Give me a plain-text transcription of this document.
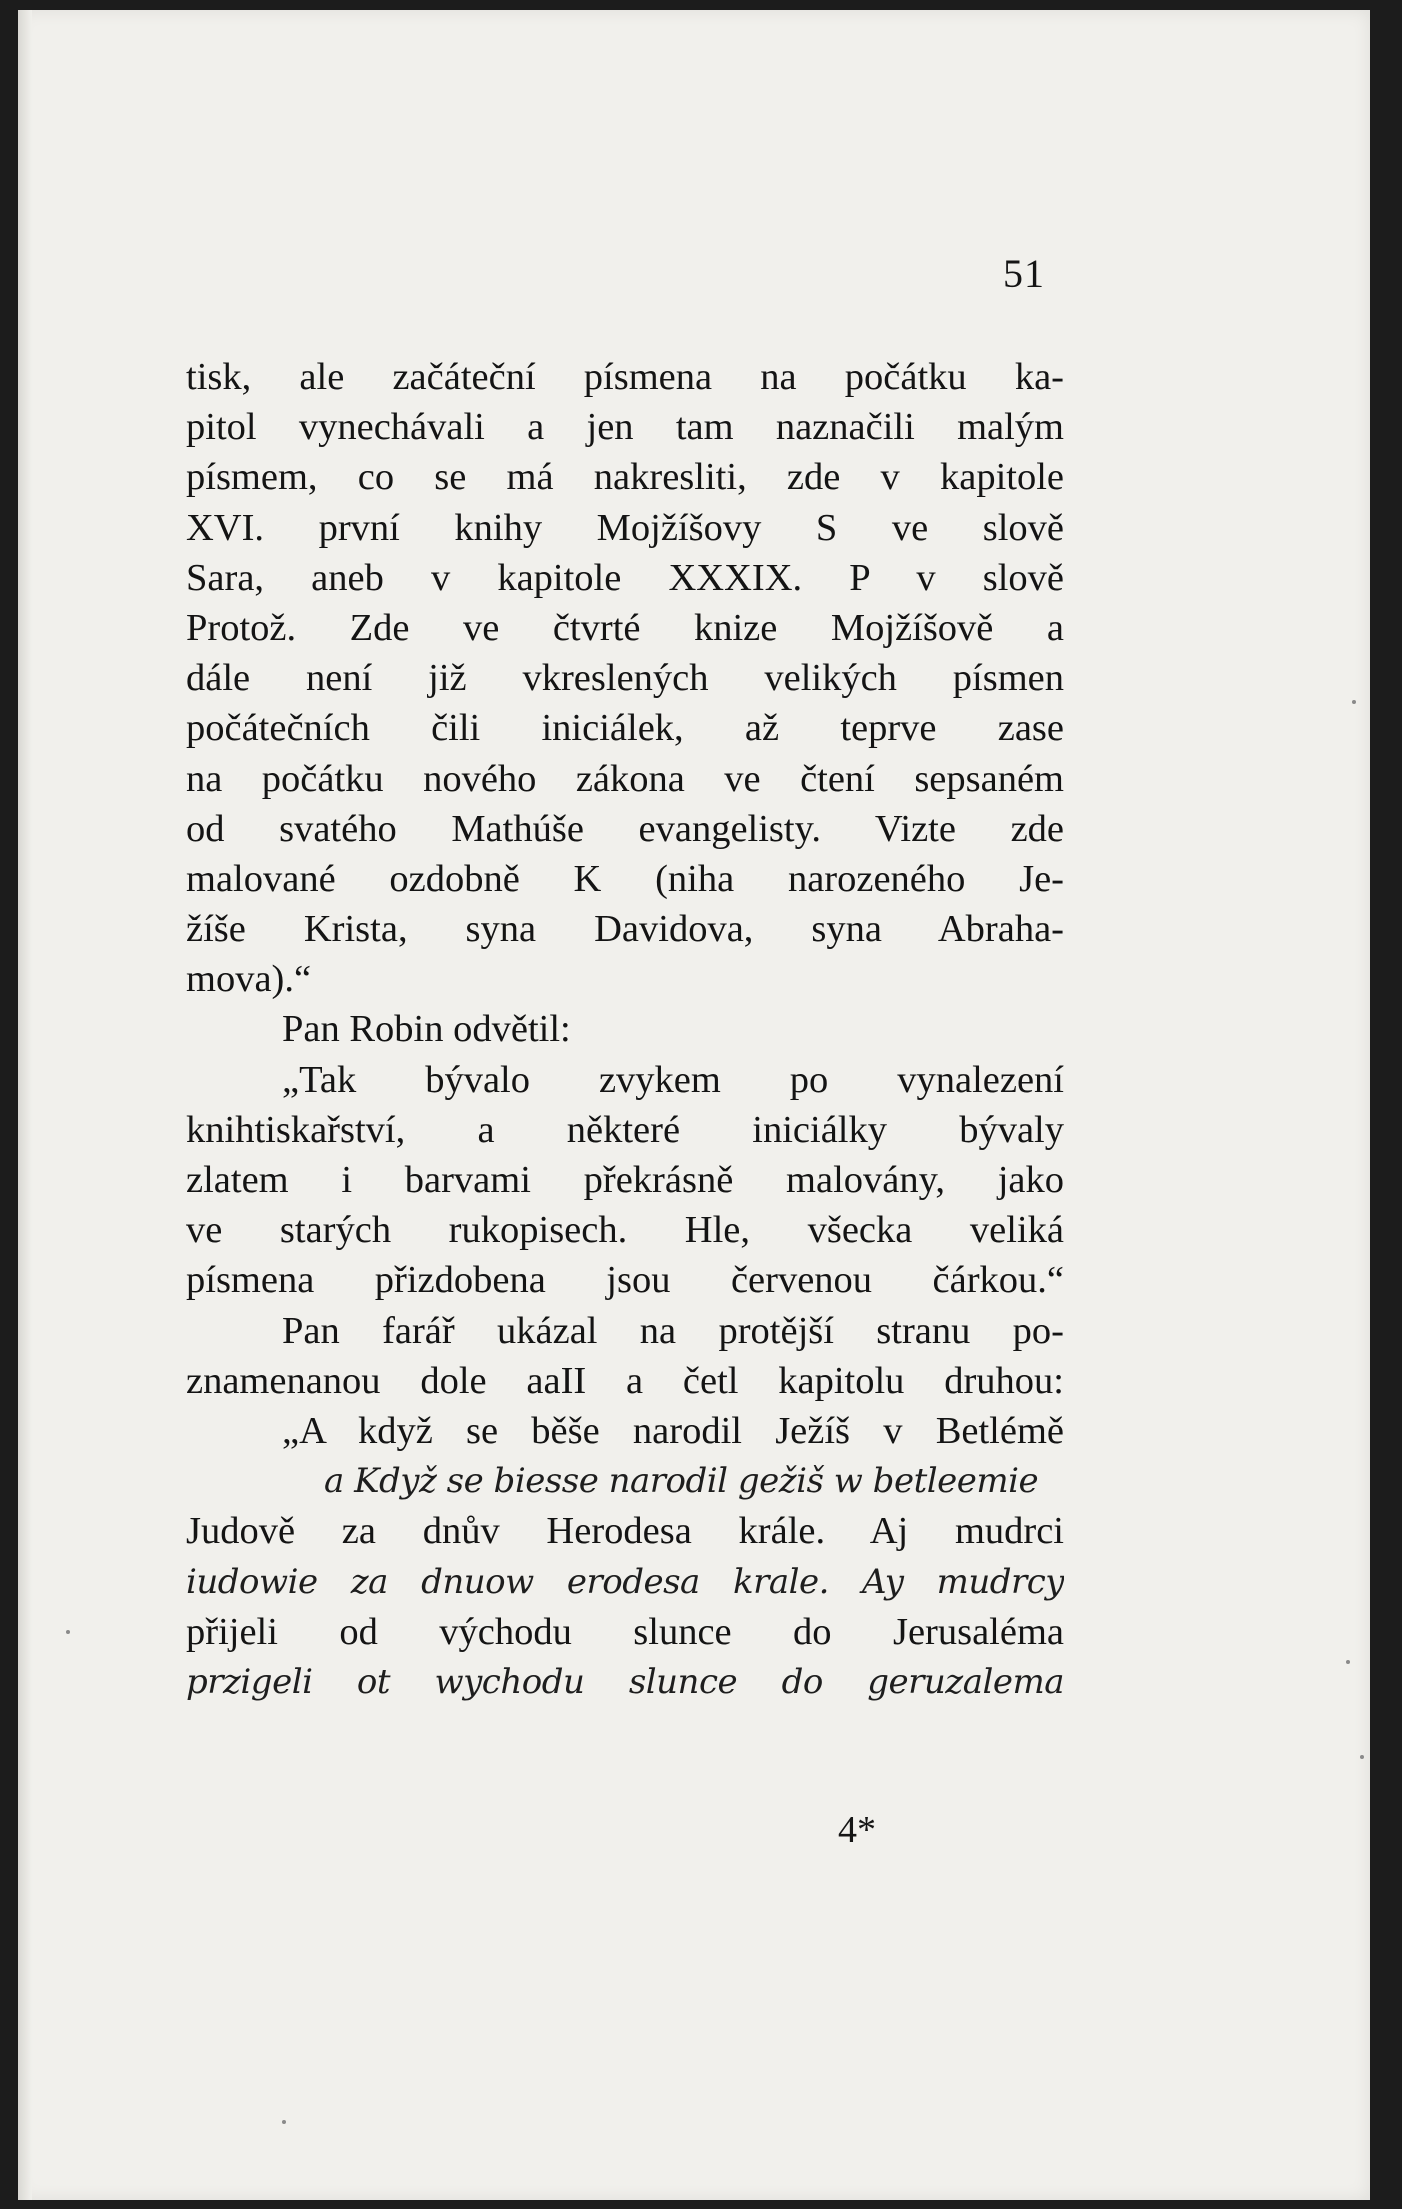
51
tisk, ale začáteční písmena na počátku ka-
pitol vynechávali a jen tam naznačili malým
písmem, co se má nakresliti, zde v kapitole
XVI. první knihy Mojžíšovy S ve slově
Sara, aneb v kapitole XXXIX. P v slově
Protož. Zde ve čtvrté knize Mojžíšově a
dále není již vkreslených velikých písmen
počátečních čili iniciálek, až teprve zase
na počátku nového zákona ve čtení sepsaném
od svatého Mathúše evangelisty. Vizte zde
malované ozdobně K (niha narozeného Je-
žíše Krista, syna Davidova, syna Abraha-
mova).“
Pan Robin odvětil:
„Tak bývalo zvykem po vynalezení
knihtiskařství, a některé iniciálky bývaly
zlatem i barvami překrásně malovány, jako
ve starých rukopisech. Hle, všecka veliká
písmena přizdobena jsou červenou čárkou.“
Pan farář ukázal na protější stranu po-
znamenanou dole aaII a četl kapitolu druhou:
„A když se běše narodil Ježíš v Betlémě
a Když se biesse narodil gežiš w betleemie
Judově za dnův Herodesa krále. Aj mudrci
iudowie za dnuow erodesa krale. Ay mudrcy
přijeli od východu slunce do Jerusaléma
przigeli ot wychodu slunce do geruzalema
4*
